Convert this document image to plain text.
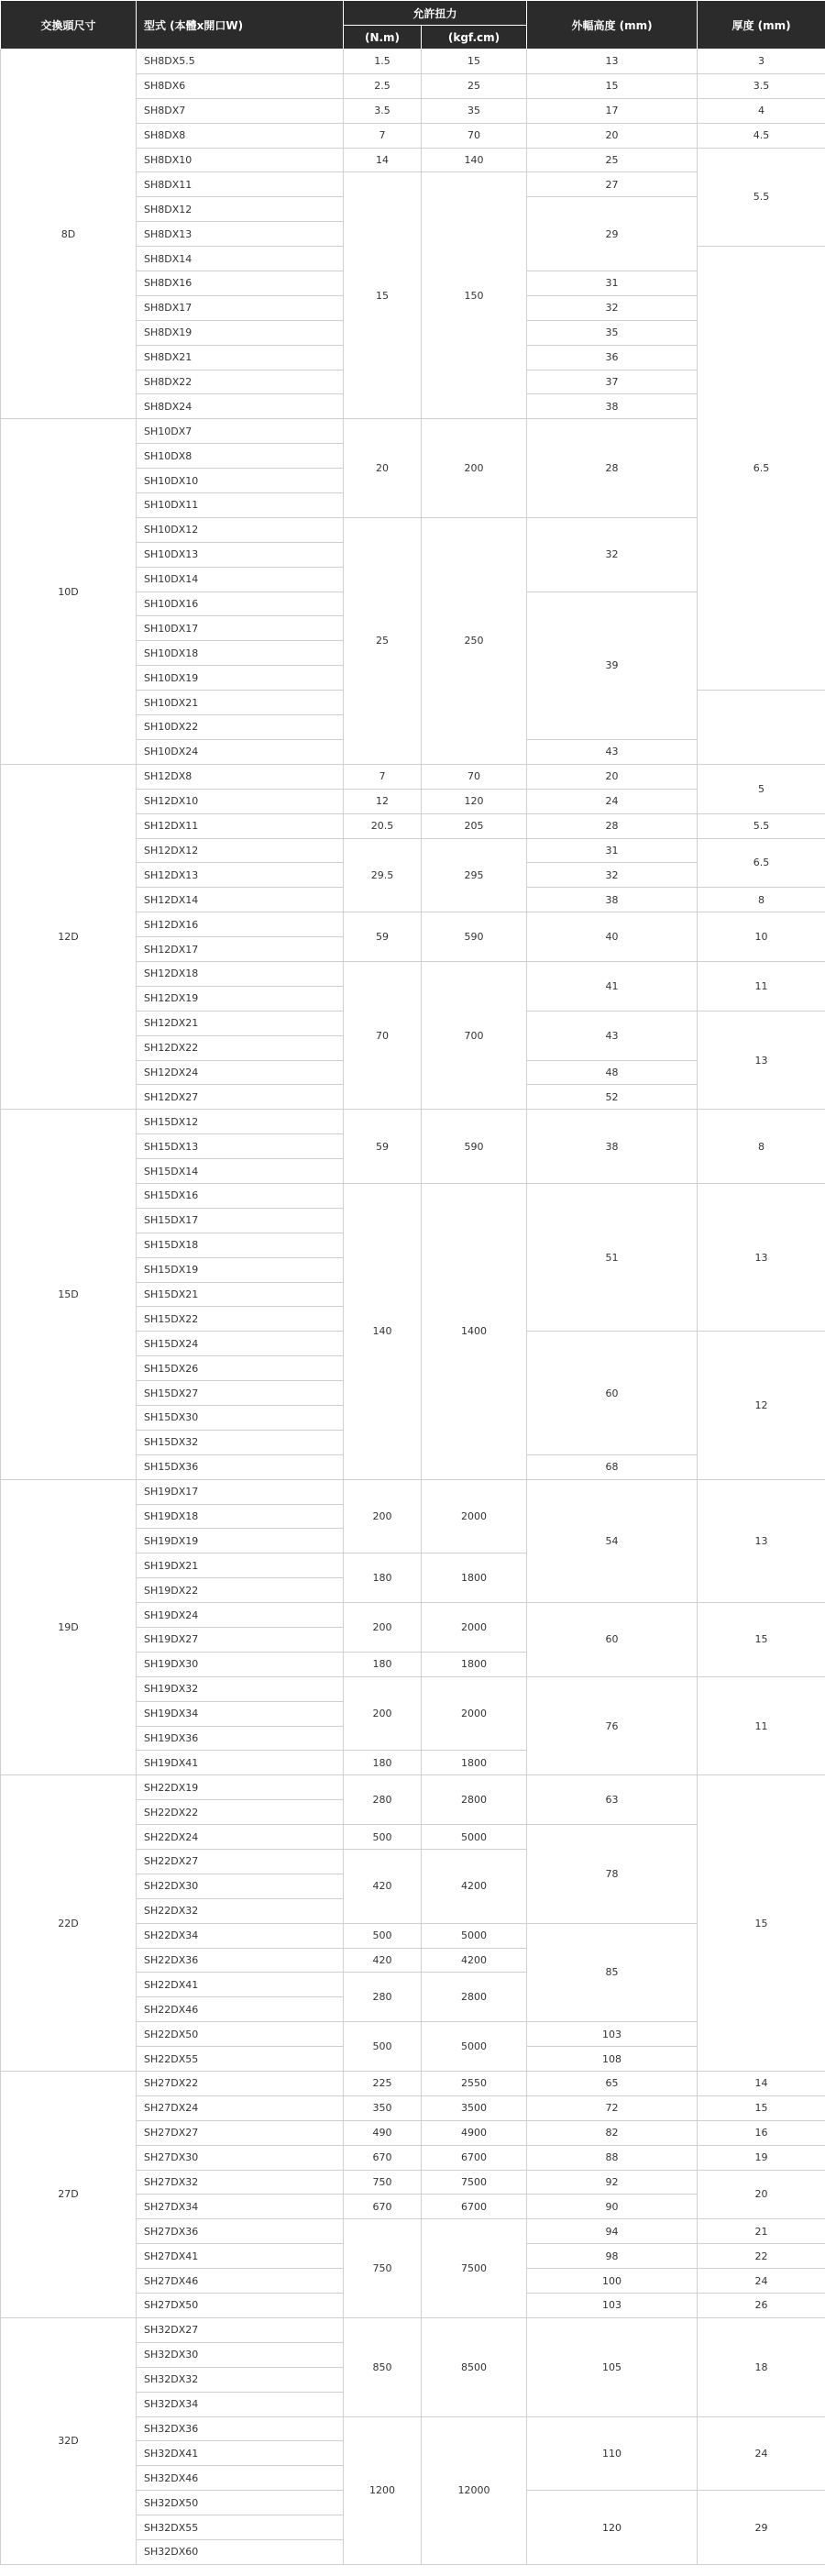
交換頭尺寸	型式 (本體x開口W)	允許扭力		外輻高度 (mm)	厚度 (mm)
		(N.m)	(kgf.cm)		
8D	SH8DX5.5	1.5	15	13	3
	SH8DX6	2.5	25	15	3.5
	SH8DX7	3.5	35	17	4
	SH8DX8	7	70	20	4.5
	SH8DX10	14	140	25	5.5
	SH8DX11	15	150	27	
	SH8DX12			29	
	SH8DX13				
	SH8DX14				6.5
	SH8DX16			31	
	SH8DX17			32	
	SH8DX19			35	
	SH8DX21			36	
	SH8DX22			37	
	SH8DX24			38	
10D	SH10DX7	20	200	28	
	SH10DX8				
	SH10DX10				
	SH10DX11				
	SH10DX12	25	250	32	
	SH10DX13				
	SH10DX14				
	SH10DX16			39	
	SH10DX17				
	SH10DX18				
	SH10DX19				
	SH10DX21				
	SH10DX22				
	SH10DX24			43	
12D	SH12DX8	7	70	20	5
	SH12DX10	12	120	24	
	SH12DX11	20.5	205	28	5.5
	SH12DX12	29.5	295	31	6.5
	SH12DX13			32	
	SH12DX14			38	8
	SH12DX16	59	590	40	10
	SH12DX17				
	SH12DX18	70	700	41	11
	SH12DX19				
	SH12DX21			43	13
	SH12DX22				
	SH12DX24			48	
	SH12DX27			52	
15D	SH15DX12	59	590	38	8
	SH15DX13				
	SH15DX14				
	SH15DX16	140	1400	51	13
	SH15DX17				
	SH15DX18				
	SH15DX19				
	SH15DX21				
	SH15DX22				
	SH15DX24			60	12
	SH15DX26				
	SH15DX27				
	SH15DX30				
	SH15DX32				
	SH15DX36			68	
19D	SH19DX17	200	2000	54	13
	SH19DX18				
	SH19DX19				
	SH19DX21	180	1800		
	SH19DX22				
	SH19DX24	200	2000	60	15
	SH19DX27				
	SH19DX30	180	1800		
	SH19DX32	200	2000	76	11
	SH19DX34				
	SH19DX36				
	SH19DX41	180	1800		
22D	SH22DX19	280	2800	63	15
	SH22DX22				
	SH22DX24	500	5000	78	
	SH22DX27	420	4200		
	SH22DX30				
	SH22DX32				
	SH22DX34	500	5000	85	
	SH22DX36	420	4200		
	SH22DX41	280	2800		
	SH22DX46				
	SH22DX50	500	5000	103	
	SH22DX55			108	
27D	SH27DX22	225	2550	65	14
	SH27DX24	350	3500	72	15
	SH27DX27	490	4900	82	16
	SH27DX30	670	6700	88	19
	SH27DX32	750	7500	92	20
	SH27DX34	670	6700	90	
	SH27DX36	750	7500	94	21
	SH27DX41			98	22
	SH27DX46			100	24
	SH27DX50			103	26
32D	SH32DX27	850	8500	105	18
	SH32DX30				
	SH32DX32				
	SH32DX34				
	SH32DX36	1200	12000	110	24
	SH32DX41				
	SH32DX46				
	SH32DX50			120	29
	SH32DX55				
	SH32DX60				
